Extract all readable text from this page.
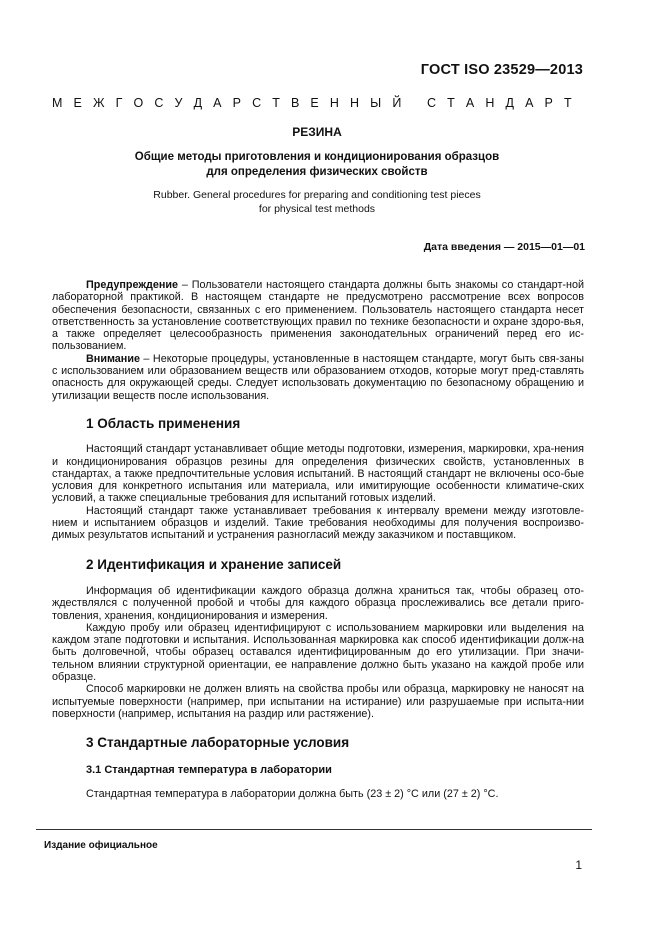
ГОСТ ISO 23529—2013
М Е Ж Г О С У Д А Р С Т В Е Н Н Ы Й
С Т А Н Д А Р Т
РЕЗИНА
Общие методы приготовления и кондиционирования образцов
для определения физических свойств
Rubber. General procedures for preparing and conditioning test pieces
for physical test methods
Дата введения — 2015—01—01

Предупреждение – Пользователи настоящего стандарта должны быть знакомы со стандарт-ной лабораторной практикой. В настоящем стандарте не предусмотрено рассмотрение всех вопросов обеспечения безопасности, связанных с его применением. Пользователь настоящего стандарта несет ответственность за установление соответствующих правил по технике безопасности и охране здоро-вья, а также определяет целесообразность применения законодательных ограничений перед его ис-пользованием.

Внимание – Некоторые процедуры, установленные в настоящем стандарте, могут быть свя-заны с использованием или образованием веществ или образованием отходов, которые могут пред-ставлять опасность для окружающей среды. Следует использовать документацию по безопасному обращению и утилизации веществ после использования.

1 Область применения

Настоящий стандарт устанавливает общие методы подготовки, измерения, маркировки, хра-нения и кондиционирования образцов резины для определения физических свойств, установленных в стандартах, а также предпочтительные условия испытаний. В настоящий стандарт не включены осо-бые условия для конкретного испытания или материала, или имитирующие особенности климатиче-ских условий, а также специальные требования для испытаний готовых изделий.

Настоящий стандарт также устанавливает требования к интервалу времени между изготовле-нием и испытанием образцов и изделий. Такие требования необходимы для получения воспроизво-димых результатов испытаний и устранения разногласий между заказчиком и поставщиком.

2 Идентификация и хранение записей

Информация об идентификации каждого образца должна храниться так, чтобы образец ото-ждествлялся с полученной пробой и чтобы для каждого образца прослеживались все детали приго-товления, хранения, кондиционирования и измерения.

Каждую пробу или образец идентифицируют с использованием маркировки или выделения на каждом этапе подготовки и испытания. Использованная маркировка как способ идентификации долж-на быть долговечной, чтобы образец оставался идентифицированным до его утилизации. При значи-тельном влиянии структурной ориентации, ее направление должно быть указано на каждой пробе или образце.

Способ маркировки не должен влиять на свойства пробы или образца, маркировку не наносят на испытуемые поверхности (например, при испытании на истирание) или разрушаемые при испыта-нии поверхности (например, испытания на раздир или растяжение).

3 Стандартные лабораторные условия
3.1 Стандартная температура в лаборатории

Стандартная температура в лаборатории должна быть (23 ± 2) °С или (27 ± 2) °С.

Издание официальное
1
